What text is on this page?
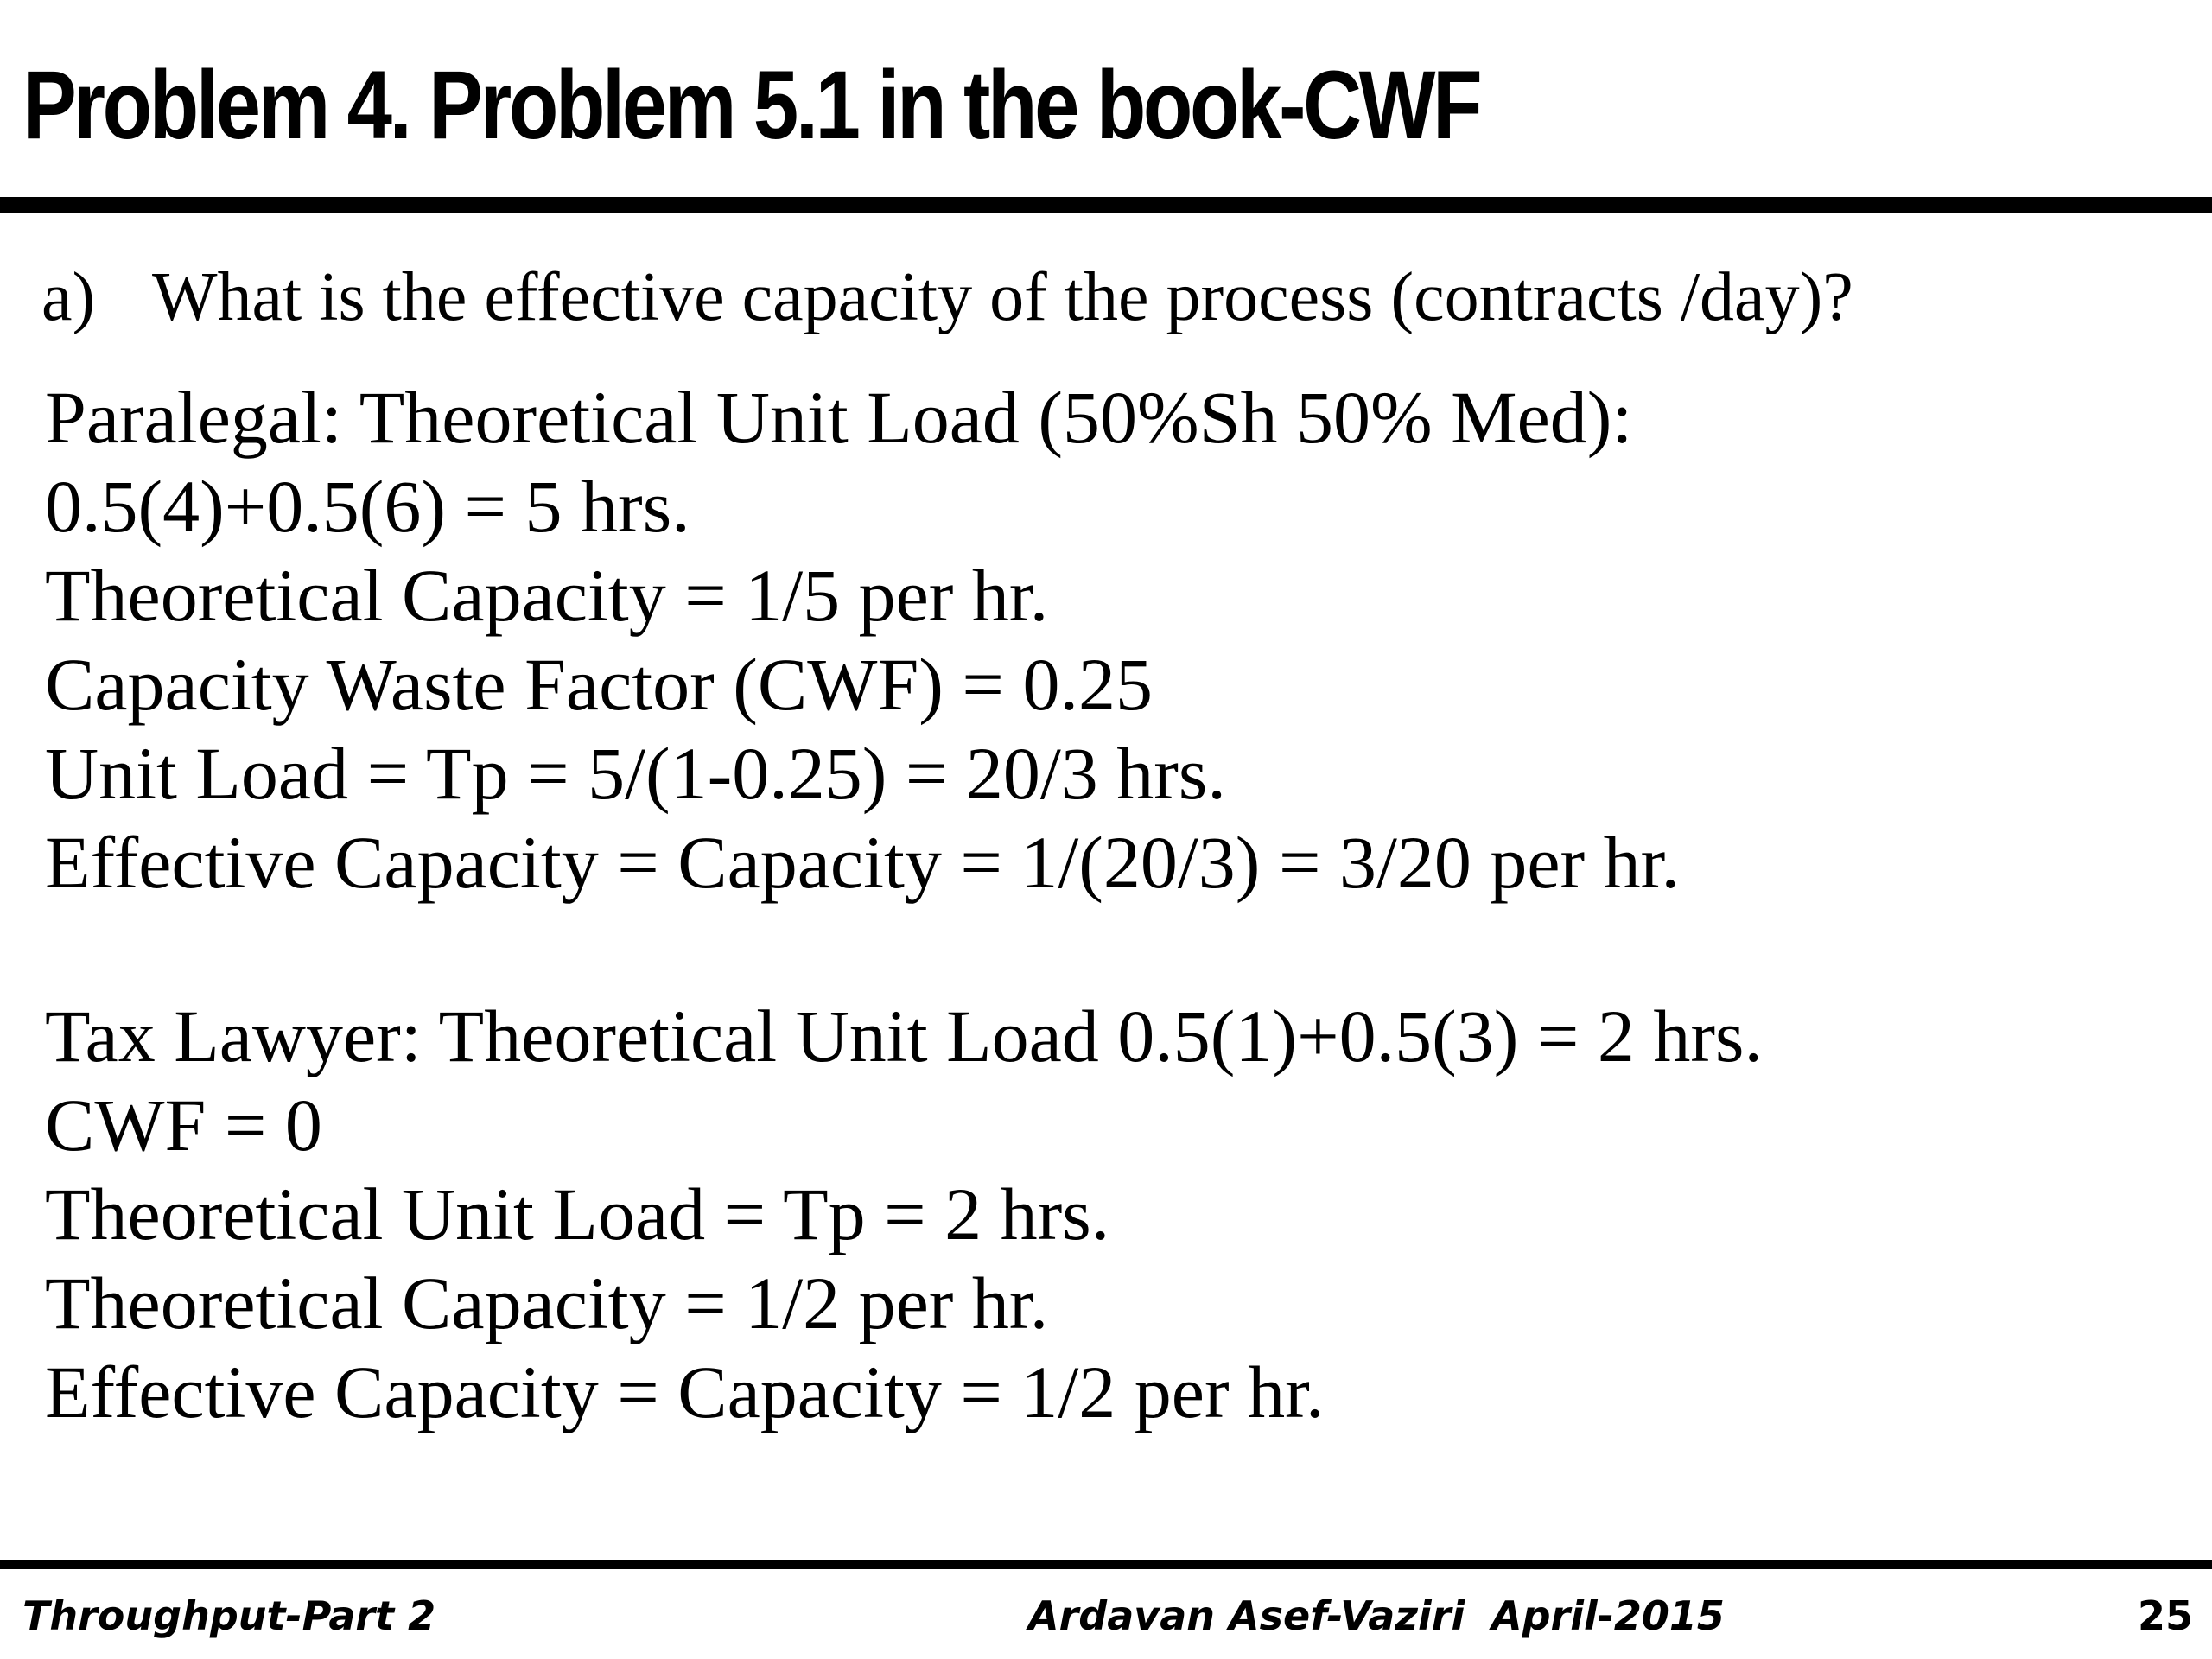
Problem 4. Problem 5.1 in the book-CWF
a) What is the effective capacity of the process (contracts /day)?
Paralegal: Theoretical Unit Load (50%Sh 50% Med):
0.5(4)+0.5(6) = 5 hrs.
Theoretical Capacity = 1/5 per hr.
Capacity Waste Factor (CWF) = 0.25
Unit Load = Tp = 5/(1-0.25) = 20/3 hrs.
Effective Capacity = Capacity = 1/(20/3) = 3/20 per hr.
Tax Lawyer: Theoretical Unit Load 0.5(1)+0.5(3) = 2 hrs.
CWF = 0
Theoretical Unit Load = Tp = 2 hrs.
Theoretical Capacity = 1/2 per hr.
Effective Capacity = Capacity = 1/2 per hr.
Throughput-Part 2	Ardavan Asef-Vaziri April-2015	25
